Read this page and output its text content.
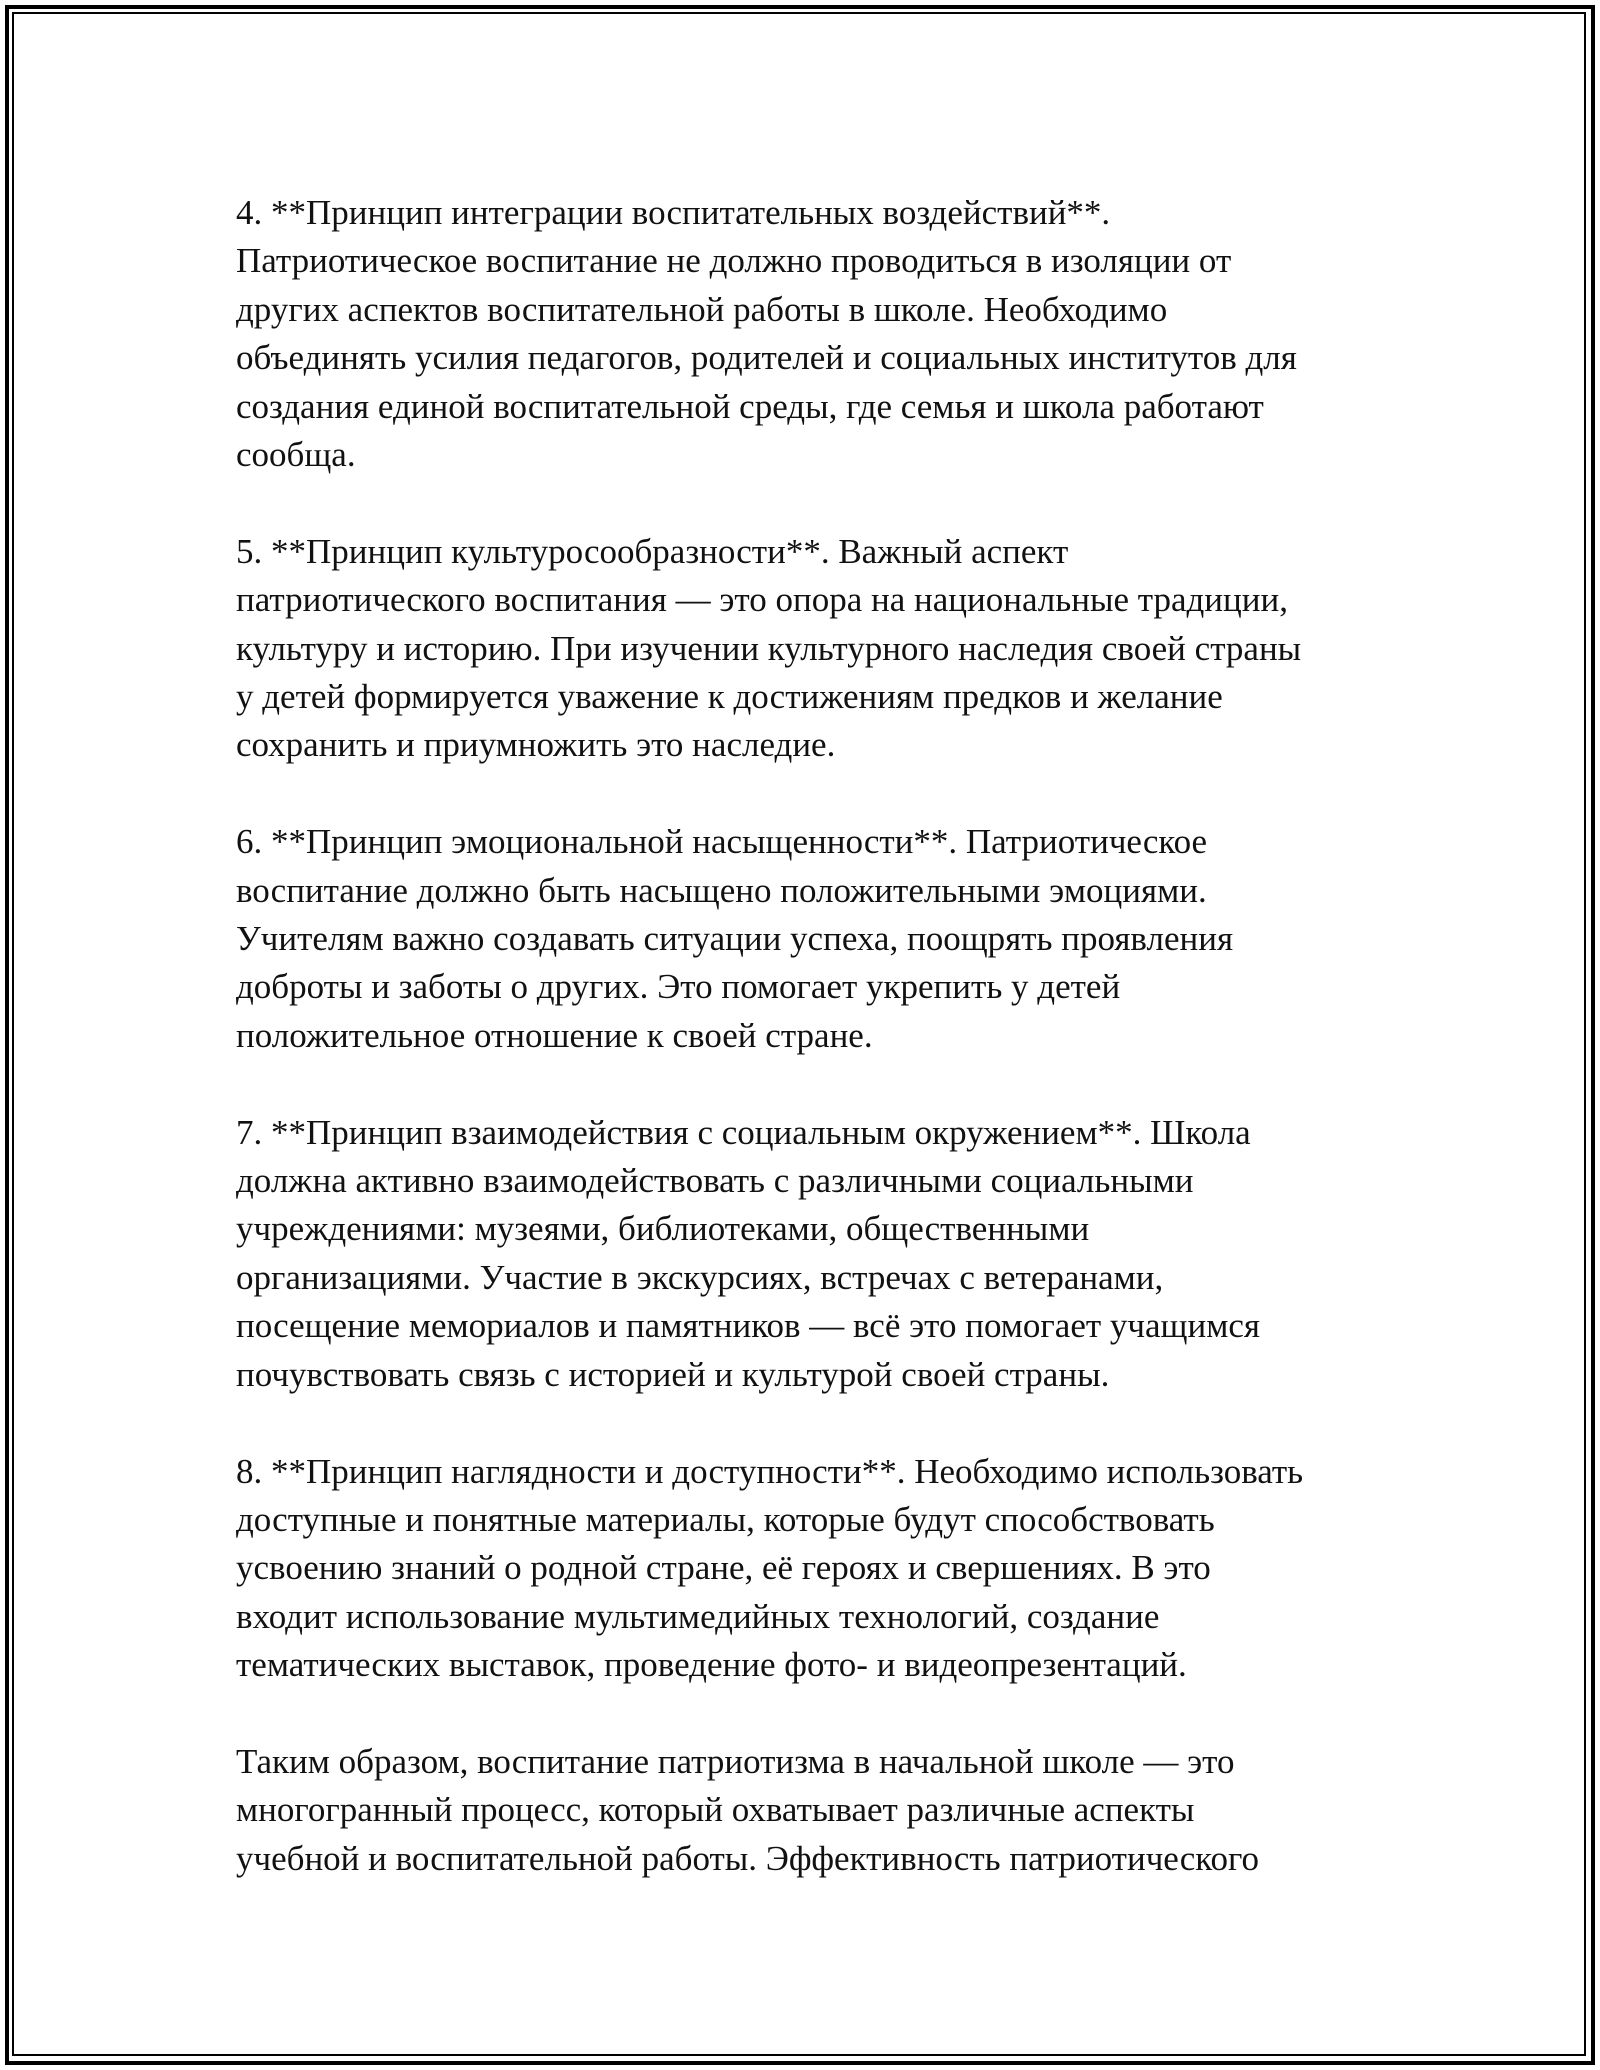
4. **Принцип интеграции воспитательных воздействий**.
Патриотическое воспитание не должно проводиться в изоляции от
других аспектов воспитательной работы в школе. Необходимо
объединять усилия педагогов, родителей и социальных институтов для
создания единой воспитательной среды, где семья и школа работают
сообща.

5. **Принцип культуросообразности**. Важный аспект
патриотического воспитания — это опора на национальные традиции,
культуру и историю. При изучении культурного наследия своей страны
у детей формируется уважение к достижениям предков и желание
сохранить и приумножить это наследие.

6. **Принцип эмоциональной насыщенности**. Патриотическое
воспитание должно быть насыщено положительными эмоциями.
Учителям важно создавать ситуации успеха, поощрять проявления
доброты и заботы о других. Это помогает укрепить у детей
положительное отношение к своей стране.

7. **Принцип взаимодействия с социальным окружением**. Школа
должна активно взаимодействовать с различными социальными
учреждениями: музеями, библиотеками, общественными
организациями. Участие в экскурсиях, встречах с ветеранами,
посещение мемориалов и памятников — всё это помогает учащимся
почувствовать связь с историей и культурой своей страны.

8. **Принцип наглядности и доступности**. Необходимо использовать
доступные и понятные материалы, которые будут способствовать
усвоению знаний о родной стране, её героях и свершениях. В это
входит использование мультимедийных технологий, создание
тематических выставок, проведение фото- и видеопрезентаций.

Таким образом, воспитание патриотизма в начальной школе — это
многогранный процесс, который охватывает различные аспекты
учебной и воспитательной работы. Эффективность патриотического
